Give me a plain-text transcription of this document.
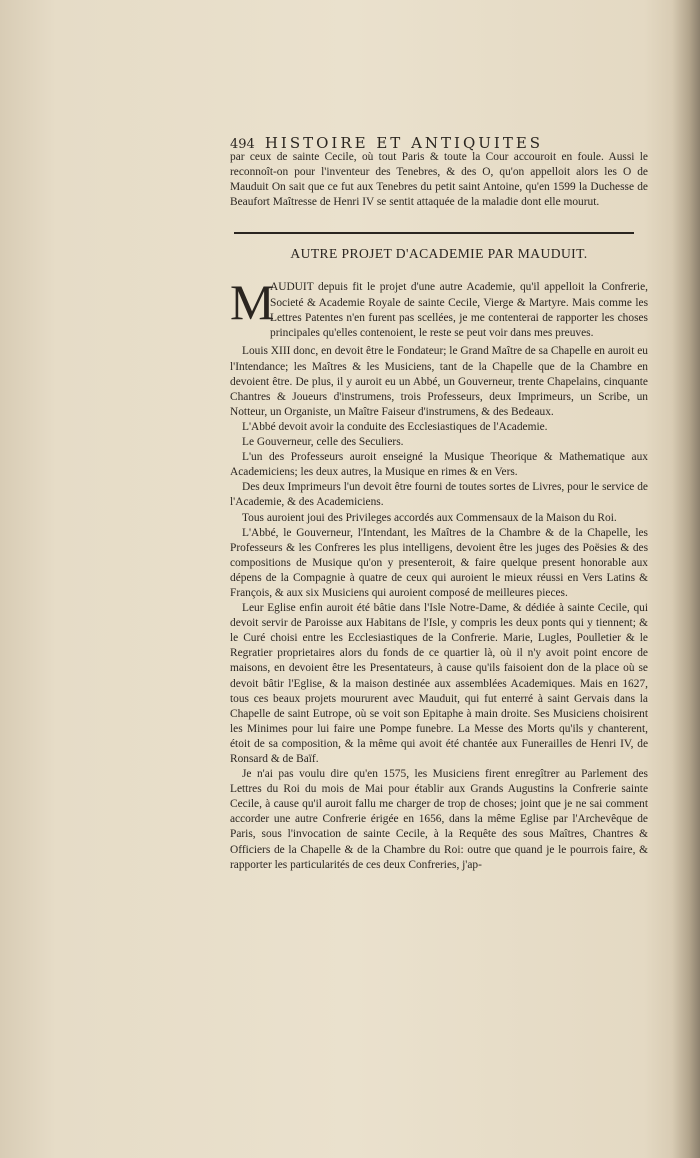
494 HISTOIRE ET ANTIQUITES

par ceux de sainte Cecile, où tout Paris & toute la Cour accouroit en foule. Aussi le reconnoît-on pour l'inventeur des Tenebres, & des O, qu'on appelloit alors les O de Mauduit On sait que ce fut aux Tenebres du petit saint Antoine, qu'en 1599 la Duchesse de Beaufort Maîtresse de Henri IV se sentit attaquée de la maladie dont elle mourut.

AUTRE PROJET D'ACADEMIE PAR MAUDUIT.
M

AUDUIT depuis fit le projet d'une autre Academie, qu'il appelloit la Confrerie, Societé & Academie Royale de sainte Cecile, Vierge & Martyre. Mais comme les Lettres Patentes n'en furent pas scellées, je me contenterai de rapporter les choses principales qu'elles contenoient, le reste se peut voir dans mes preuves.

Louis XIII donc, en devoit être le Fondateur; le Grand Maître de sa Chapelle en auroit eu l'Intendance; les Maîtres & les Musiciens, tant de la Chapelle que de la Chambre en devoient être. De plus, il y auroit eu un Abbé, un Gouverneur, trente Chapelains, cinquante Chantres & Joueurs d'instrumens, trois Professeurs, deux Imprimeurs, un Scribe, un Notteur, un Organiste, un Maître Faiseur d'instrumens, & des Bedeaux.

L'Abbé devoit avoir la conduite des Ecclesiastiques de l'Academie.

Le Gouverneur, celle des Seculiers.

L'un des Professeurs auroit enseigné la Musique Theorique & Mathematique aux Academiciens; les deux autres, la Musique en rimes & en Vers.

Des deux Imprimeurs l'un devoit être fourni de toutes sortes de Livres, pour le service de l'Academie, & des Academiciens.

Tous auroient joui des Privileges accordés aux Commensaux de la Maison du Roi.

L'Abbé, le Gouverneur, l'Intendant, les Maîtres de la Chambre & de la Chapelle, les Professeurs & les Confreres les plus intelligens, devoient être les juges des Poësies & des compositions de Musique qu'on y presenteroit, & faire quelque present honorable aux dépens de la Compagnie à quatre de ceux qui auroient le mieux réussi en Vers Latins & François, & aux six Musiciens qui auroient composé de meilleures pieces.

Leur Eglise enfin auroit été bâtie dans l'Isle Notre-Dame, & dédiée à sainte Cecile, qui devoit servir de Paroisse aux Habitans de l'Isle, y compris les deux ponts qui y tiennent; & le Curé choisi entre les Ecclesiastiques de la Confrerie. Marie, Lugles, Poulletier & le Regratier proprietaires alors du fonds de ce quartier là, où il n'y avoit point encore de maisons, en devoient être les Presentateurs, à cause qu'ils faisoient don de la place où se devoit bâtir l'Eglise, & la maison destinée aux assemblées Academiques. Mais en 1627, tous ces beaux projets moururent avec Mauduit, qui fut enterré à saint Gervais dans la Chapelle de saint Eutrope, où se voit son Epitaphe à main droite. Ses Musiciens choisirent les Minimes pour lui faire une Pompe funebre. La Messe des Morts qu'ils y chanterent, étoit de sa composition, & la même qui avoit été chantée aux Funerailles de Henri IV, de Ronsard & de Baïf.

Je n'ai pas voulu dire qu'en 1575, les Musiciens firent enregîtrer au Parlement des Lettres du Roi du mois de Mai pour établir aux Grands Augustins la Confrerie sainte Cecile, à cause qu'il auroit fallu me charger de trop de choses; joint que je ne sai comment accorder une autre Confrerie érigée en 1656, dans la même Eglise par l'Archevêque de Paris, sous l'invocation de sainte Cecile, à la Requête des sous Maîtres, Chantres & Officiers de la Chapelle & de la Chambre du Roi: outre que quand je le pourrois faire, & rapporter les particularités de ces deux Confreries, j'ap-
